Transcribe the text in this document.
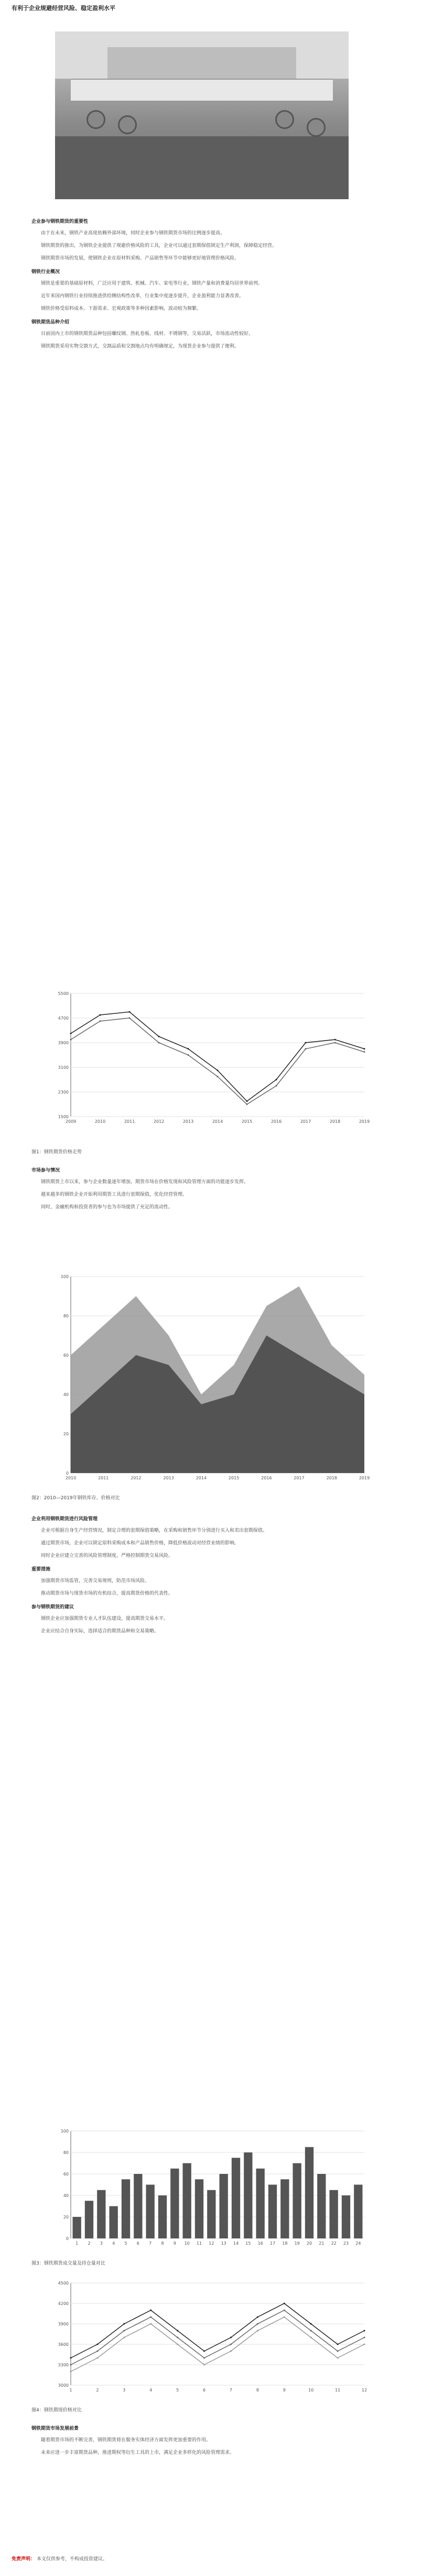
有利于企业规避经营风险、稳定盈利水平
企业参与钢铁期货的重要性

由于在未来，钢铁产业高度依赖外部环境，同时企业参与钢铁期货市场的比例逐步提高。

钢铁期货的推出，为钢铁企业提供了规避价格风险的工具，企业可以通过套期保值锁定生产利润，保障稳定经营。

钢铁期货市场的发展，使钢铁企业在原材料采购、产品销售等环节中能够更好地管理价格风险。

钢铁行业概况

钢铁是重要的基础原材料，广泛应用于建筑、机械、汽车、家电等行业，钢铁产量和消费量均居世界前列。

近年来国内钢铁行业持续推进供给侧结构性改革，行业集中度逐步提升，企业盈利能力显著改善。

钢铁价格受原料成本、下游需求、宏观政策等多种因素影响，波动较为频繁。

钢铁期货品种介绍

目前国内上市的钢铁期货品种包括螺纹钢、热轧卷板、线材、不锈钢等，交易活跃，市场流动性较好。

钢铁期货采用实物交割方式，交割品质和交割地点均有明确规定，为现货企业参与提供了便利。

1500
2300
3100
3900
4700
5500
2009	2010	2011	2012	2013	2014	2015	2016	2017	2018	2019
图1：钢铁期货价格走势
市场参与情况

钢铁期货上市以来，参与企业数量逐年增加，期货市场在价格发现和风险管理方面的功能逐步发挥。

越来越多的钢铁企业开始利用期货工具进行套期保值，优化经营管理。

同时，金融机构和投资者的参与也为市场提供了充足的流动性。

0
20
40
60
80
100
2010	2011	2012	2013	2014	2015	2016	2017	2018	2019
图2：2010—2019年钢铁库存、价格对比
企业利用钢铁期货进行风险管理

企业可根据自身生产经营情况，制定合理的套期保值策略，在采购和销售环节分别进行买入和卖出套期保值。

通过期货市场，企业可以锁定原料采购成本和产品销售价格，降低价格波动对经营业绩的影响。

同时企业应建立完善的风险管理制度，严格控制期货交易风险。

重要措施

加强期货市场监管，完善交易规则，防范市场风险。

推动期货市场与现货市场的有机结合，提高期货价格的代表性。

参与钢铁期货的建议

钢铁企业应加强期货专业人才队伍建设，提高期货交易水平。

企业应结合自身实际，选择适合的期货品种和交易策略。

0
20
40
60
80
100
1 2 3 4 5 6 7 8 9 10 11 12 13 14 15 16 17 18 19 20 21 22 23 24
图3：钢铁期货成交量及持仓量对比
3000
3300
3600
3900
4200
4500
1	2	3	4	5	6	7	8	9	10	11	12
图4：钢铁期现价格对比
钢铁期货市场发展前景

随着期货市场的不断完善，钢铁期货将在服务实体经济方面发挥更加重要的作用。

未来应进一步丰富期货品种，推进期权等衍生工具的上市，满足企业多样化的风险管理需求。

免责声明： 本文仅供参考，不构成投资建议。
